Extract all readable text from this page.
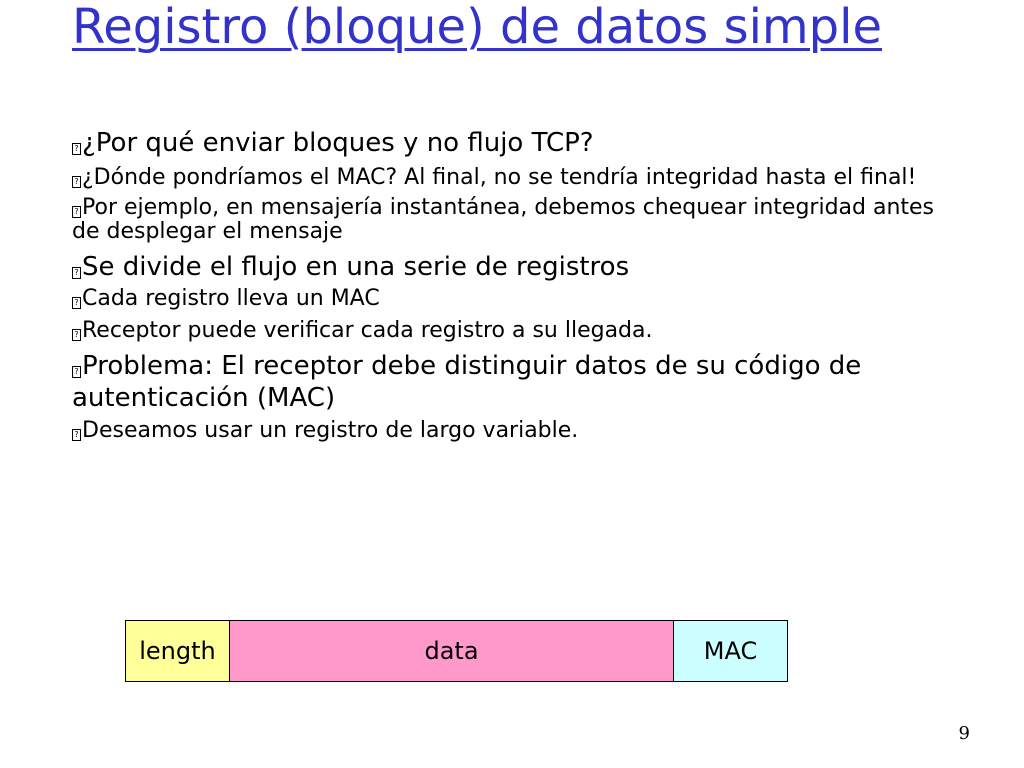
Registro (bloque) de datos simple
? ¿Por qué enviar bloques y no flujo TCP?
? ¿Dónde pondríamos el MAC? Al final, no se tendría integridad hasta el final!
? Por ejemplo, en mensajería instantánea, debemos chequear integridad antes de desplegar el mensaje
? Se divide el flujo en una serie de registros
? Cada registro lleva un MAC
? Receptor puede verificar cada registro a su llegada.
? Problema: El receptor debe distinguir datos de su código de autenticación (MAC)
? Deseamos usar un registro de largo variable.
length	data	MAC
9
